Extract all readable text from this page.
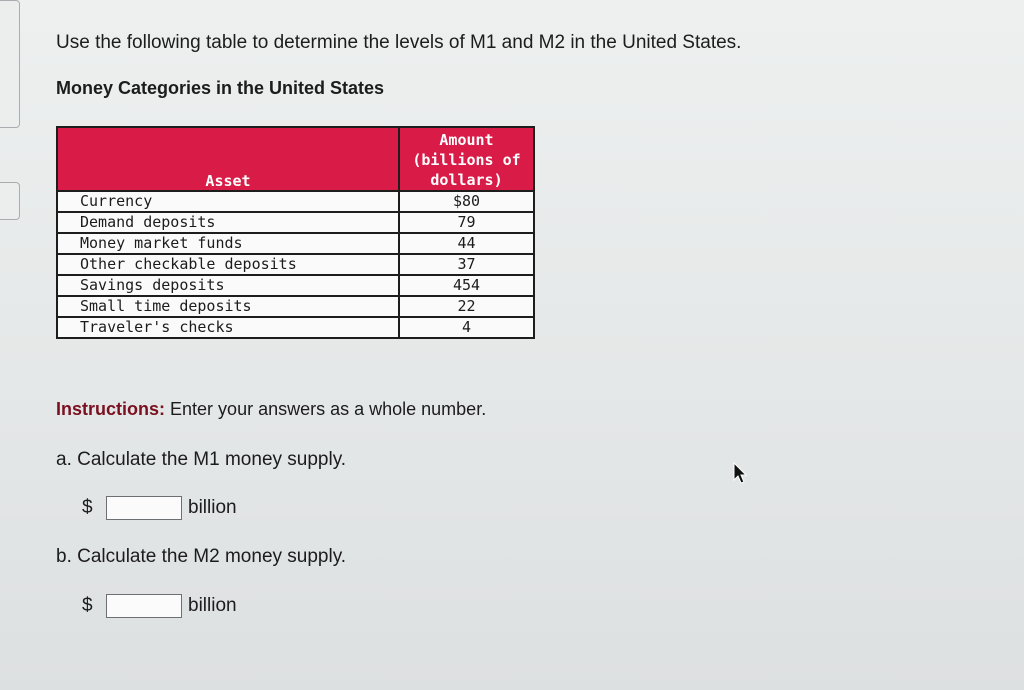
Use the following table to determine the levels of M1 and M2 in the United States.
Money Categories in the United States
Asset	Amount
(billions of
dollars)
Currency	$80
Demand deposits	79
Money market funds	44
Other checkable deposits	37
Savings deposits	454
Small time deposits	22
Traveler's checks	4
Instructions: Enter your answers as a whole number.
a. Calculate the M1 money supply.
$	billion
b. Calculate the M2 money supply.
$	billion
